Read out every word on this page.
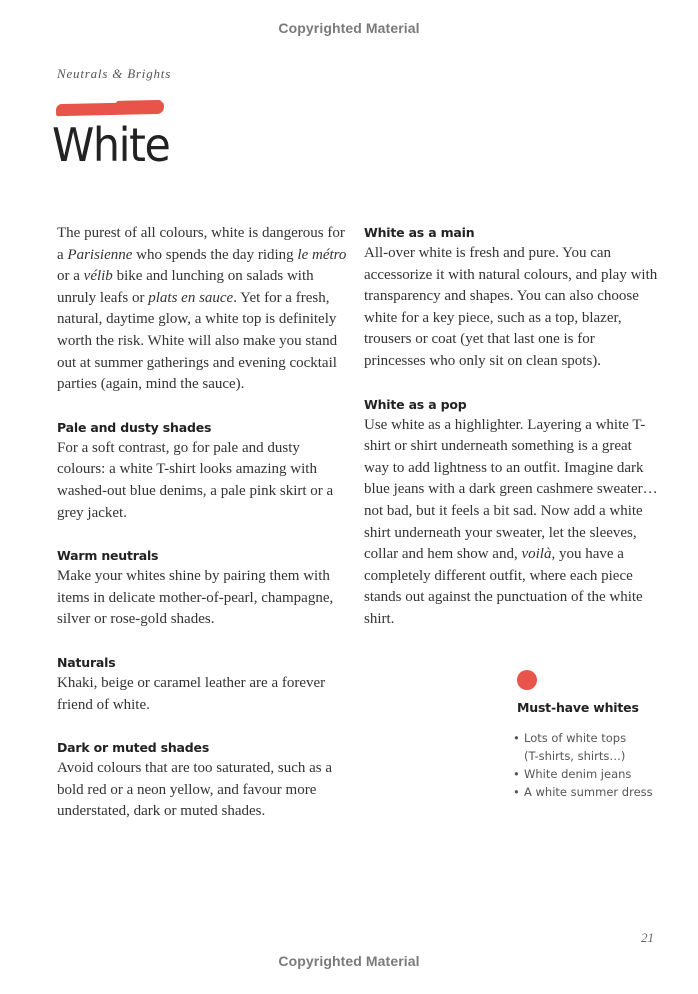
Copyrighted Material
Neutrals & Brights
White

The purest of all colours, white is dangerous for a Parisienne who spends the day riding le métro or a vélib bike and lunching on salads with unruly leafs or plats en sauce. Yet for a fresh, natural, daytime glow, a white top is definitely worth the risk. White will also make you stand out at summer gatherings and evening cocktail parties (again, mind the sauce).

Pale and dusty shades

For a soft contrast, go for pale and dusty colours: a white T-shirt looks amazing with washed-out blue denims, a pale pink skirt or a grey jacket.

Warm neutrals

Make your whites shine by pairing them with items in delicate mother-of-pearl, champagne, silver or rose-gold shades.

Naturals

Khaki, beige or caramel leather are a forever friend of white.

Dark or muted shades

Avoid colours that are too saturated, such as a bold red or a neon yellow, and favour more understated, dark or muted shades.

White as a main

All-over white is fresh and pure. You can accessorize it with natural colours, and play with transparency and shapes. You can also choose white for a key piece, such as a top, blazer, trousers or coat (yet that last one is for princesses who only sit on clean spots).

White as a pop

Use white as a highlighter. Layering a white T-shirt or shirt underneath something is a great way to add lightness to an outfit. Imagine dark blue jeans with a dark green cashmere sweater…not bad, but it feels a bit sad. Now add a white shirt underneath your sweater, let the sleeves, collar and hem show and, voilà, you have a completely different outfit, where each piece stands out against the punctuation of the white shirt.

Must-have whites
• Lots of white tops (T-shirts, shirts…)
• White denim jeans
• A white summer dress
21
Copyrighted Material
